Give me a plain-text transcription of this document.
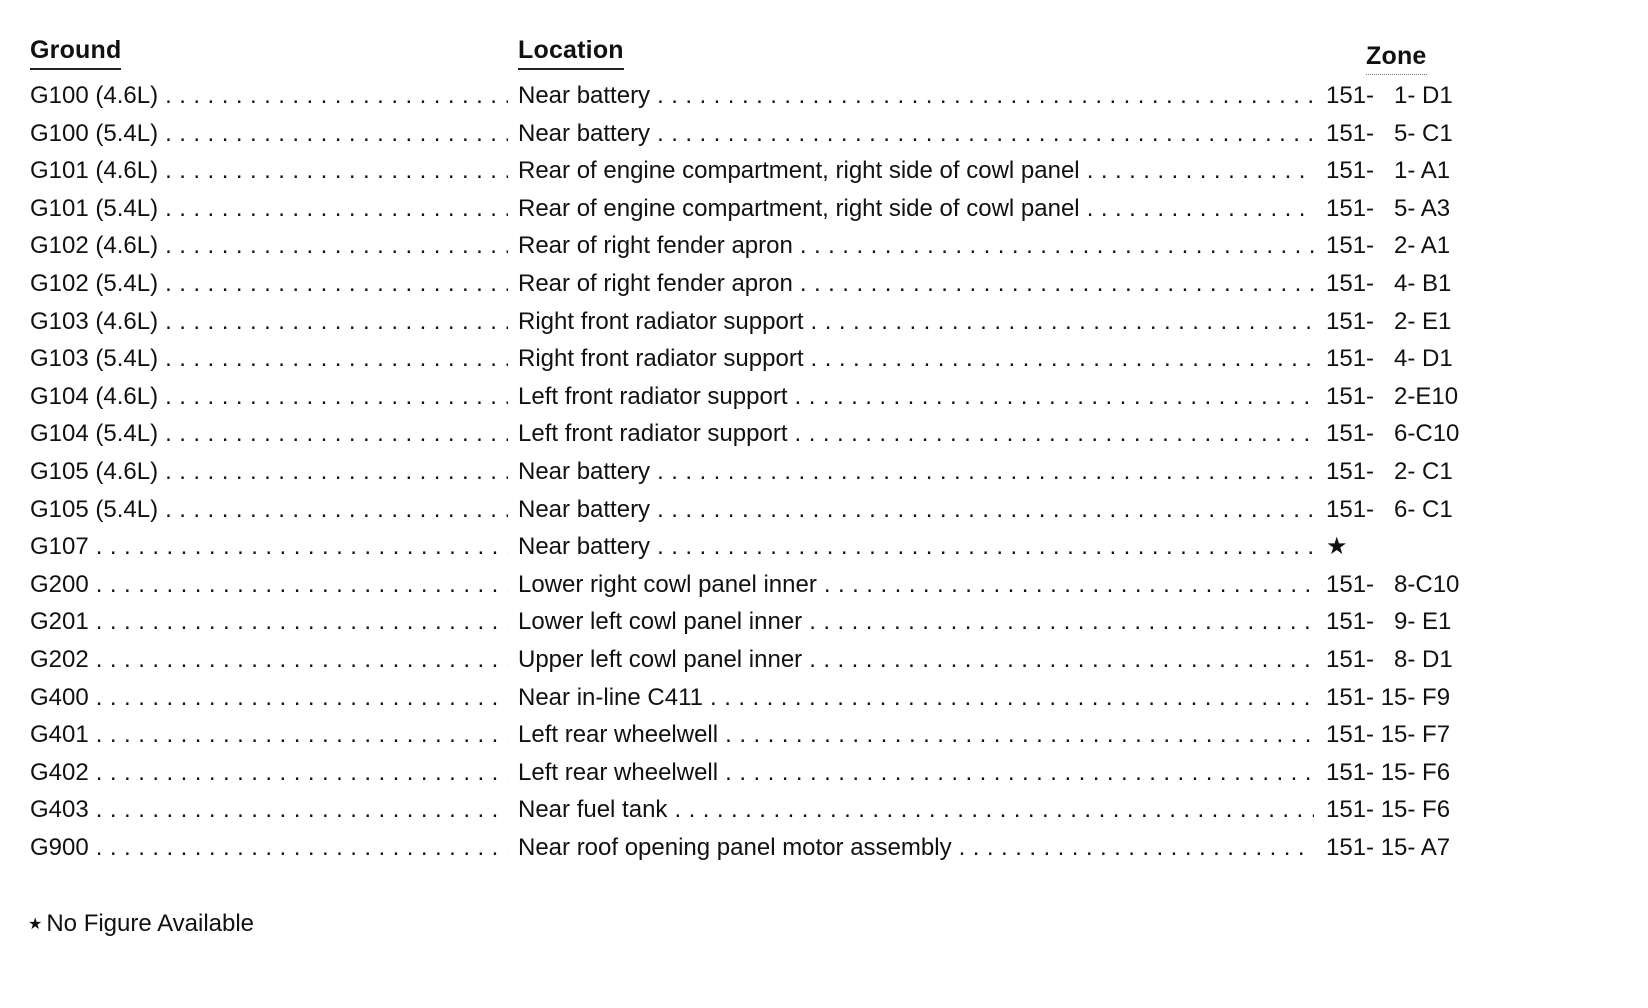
Ground	Location	Zone
G100 (4.6L) . . .	Near battery . . .	151-   1- D1
G100 (5.4L) . . .	Near battery . . .	151-   5- C1
G101 (4.6L) . . .	Rear of engine compartment, right side of cowl panel . . .	151-   1- A1
G101 (5.4L) . . .	Rear of engine compartment, right side of cowl panel . . .	151-   5- A3
G102 (4.6L) . . .	Rear of right fender apron . . .	151-   2- A1
G102 (5.4L) . . .	Rear of right fender apron . . .	151-   4- B1
G103 (4.6L) . . .	Right front radiator support . . .	151-   2- E1
G103 (5.4L) . . .	Right front radiator support . . .	151-   4- D1
G104 (4.6L) . . .	Left front radiator support . . .	151-   2-E10
G104 (5.4L) . . .	Left front radiator support . . .	151-   6-C10
G105 (4.6L) . . .	Near battery . . .	151-   2- C1
G105 (5.4L) . . .	Near battery . . .	151-   6- C1
G107 . . .	Near battery . . .	★
G200 . . .	Lower right cowl panel inner . . .	151-   8-C10
G201 . . .	Lower left cowl panel inner . . .	151-   9- E1
G202 . . .	Upper left cowl panel inner . . .	151-   8- D1
G400 . . .	Near in-line C411 . . .	151- 15- F9
G401 . . .	Left rear wheelwell . . .	151- 15- F7
G402 . . .	Left rear wheelwell . . .	151- 15- F6
G403 . . .	Near fuel tank . . .	151- 15- F6
G900 . . .	Near roof opening panel motor assembly . . .	151- 15- A7
★ No Figure Available
